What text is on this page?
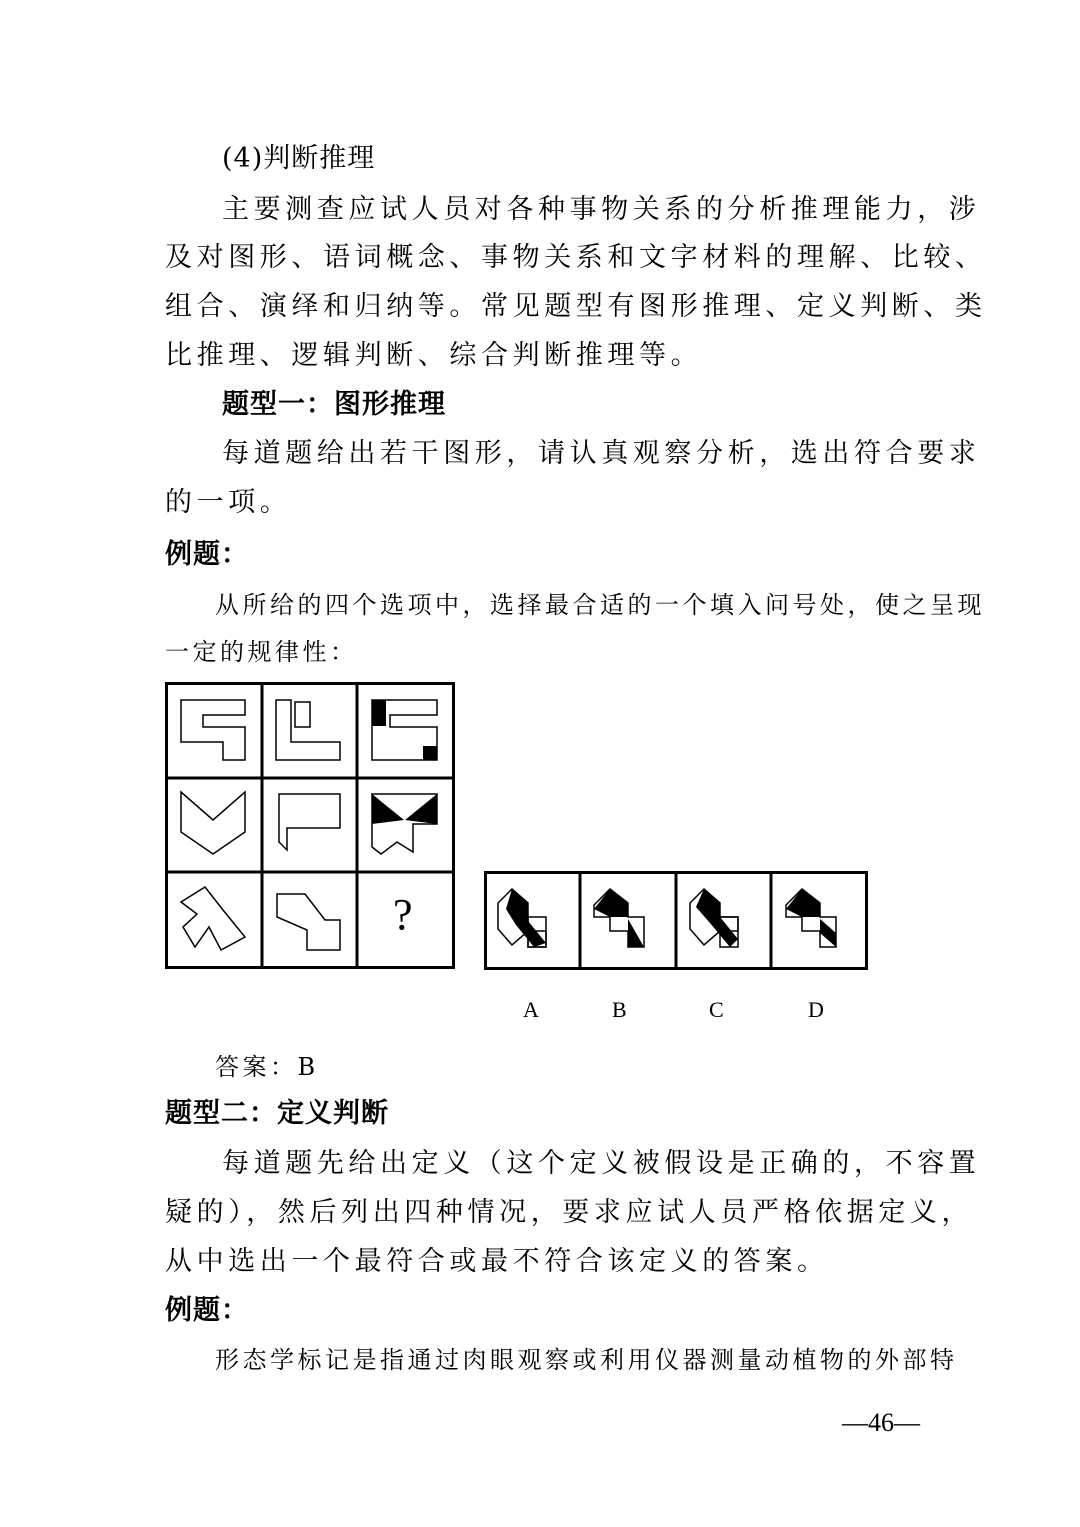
(4)判断推理
主要测查应试人员对各种事物关系的分析推理能力，涉
及对图形、语词概念、事物关系和文字材料的理解、比较、
组合、演绎和归纳等。常见题型有图形推理、定义判断、类
比推理、逻辑判断、综合判断推理等。
题型一：图形推理
每道题给出若干图形，请认真观察分析，选出符合要求
的一项。
例题：
从所给的四个选项中，选择最合适的一个填入问号处，使之呈现
一定的规律性：
?
A	B	C	D
答案：B
题型二：定义判断
每道题先给出定义（这个定义被假设是正确的，不容置
疑的），然后列出四种情况，要求应试人员严格依据定义，
从中选出一个最符合或最不符合该定义的答案。
例题：
形态学标记是指通过肉眼观察或利用仪器测量动植物的外部特
—46—
